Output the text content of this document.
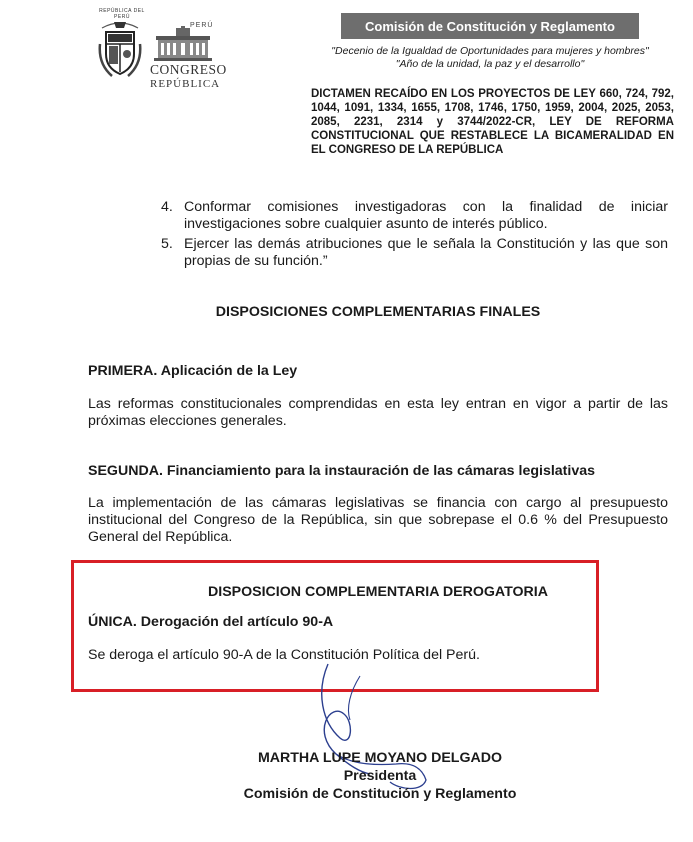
REPÚBLICA DEL PERÚ
PERÚ
CONGRESO
REPÚBLICA
Comisión de Constitución y Reglamento
"Decenio de la Igualdad de Oportunidades para mujeres y hombres"
"Año de la unidad, la paz y el desarrollo"
DICTAMEN RECAÍDO EN LOS PROYECTOS DE LEY 660, 724, 792, 1044, 1091, 1334, 1655, 1708, 1746, 1750, 1959, 2004, 2025, 2053, 2085, 2231, 2314 y 3744/2022-CR, LEY DE REFORMA CONSTITUCIONAL QUE RESTABLECE LA BICAMERALIDAD EN EL CONGRESO DE LA REPÚBLICA
4. Conformar comisiones investigadoras con la finalidad de iniciar investigaciones sobre cualquier asunto de interés público.
5. Ejercer las demás atribuciones que le señala la Constitución y las que son propias de su función.”
DISPOSICIONES COMPLEMENTARIAS FINALES
PRIMERA. Aplicación de la Ley
Las reformas constitucionales comprendidas en esta ley entran en vigor a partir de las próximas elecciones generales.
SEGUNDA. Financiamiento para la instauración de las cámaras legislativas
La implementación de las cámaras legislativas se financia con cargo al presupuesto institucional del Congreso de la República, sin que sobrepase el 0.6 % del Presupuesto General del República.
DISPOSICION COMPLEMENTARIA DEROGATORIA
ÚNICA. Derogación del artículo 90-A
Se deroga el artículo 90-A de la Constitución Política del Perú.
MARTHA LUPE MOYANO DELGADO
Presidenta
Comisión de Constitución y Reglamento
